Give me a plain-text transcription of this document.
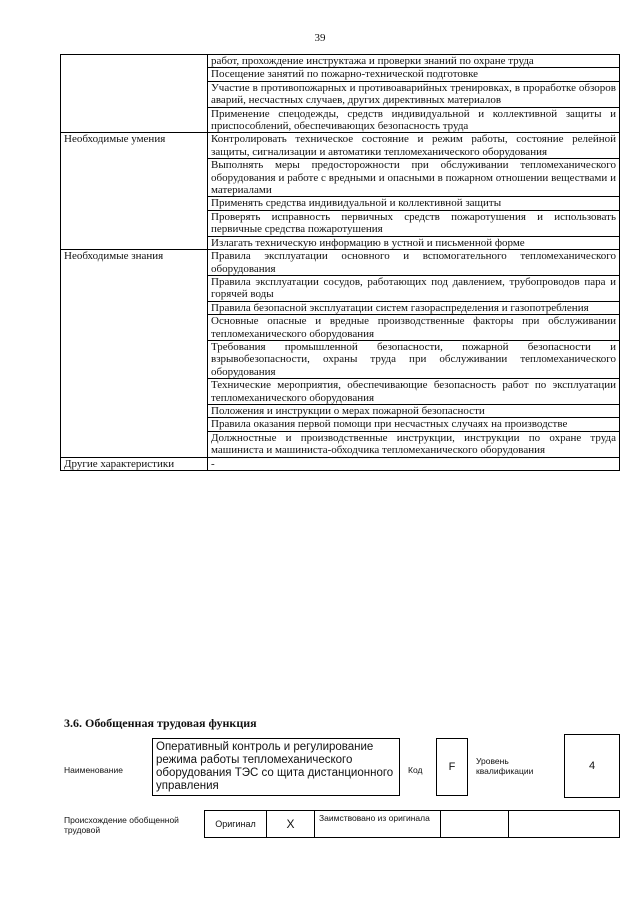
39
	работ, прохождение инструктажа и проверки знаний по охране труда
	Посещение занятий по пожарно-технической подготовке
	Участие в противопожарных и противоаварийных тренировках, в проработке обзоров аварий, несчастных случаев, других директивных материалов
	Применение спецодежды, средств индивидуальной и коллективной защиты и приспособлений, обеспечивающих безопасность труда
Необходимые умения	Контролировать техническое состояние и режим работы, состояние релейной защиты, сигнализации и автоматики тепломеханического оборудования
	Выполнять меры предосторожности при обслуживании тепломеханического оборудования и работе с вредными и опасными в пожарном отношении веществами и материалами
	Применять средства индивидуальной и коллективной защиты
	Проверять исправность первичных средств пожаротушения и использовать первичные средства пожаротушения
	Излагать техническую информацию в устной и письменной форме
Необходимые знания	Правила эксплуатации основного и вспомогательного тепломеханического оборудования
	Правила эксплуатации сосудов, работающих под давлением, трубопроводов пара и горячей воды
	Правила безопасной эксплуатации систем газораспределения и газопотребления
	Основные опасные и вредные производственные факторы при обслуживании тепломеханического оборудования
	Требования промышленной безопасности, пожарной безопасности и взрывобезопасности, охраны труда при обслуживании тепломеханического оборудования
	Технические мероприятия, обеспечивающие безопасность работ по эксплуатации тепломеханического оборудования
	Положения и инструкции о мерах пожарной безопасности
	Правила оказания первой помощи при несчастных случаях на производстве
	Должностные и производственные инструкции, инструкции по охране труда машиниста и машиниста-обходчика тепломеханического оборудования
Другие характеристики	-
3.6. Обобщенная трудовая функция
Наименование
Оперативный контроль и регулирование режима работы тепломеханического оборудования ТЭС со щита дистанционного управления
Код	F	Уровень квалификации	4
Происхождение обобщенной трудовой
Оригинал	X	Заимствовано из оригинала
